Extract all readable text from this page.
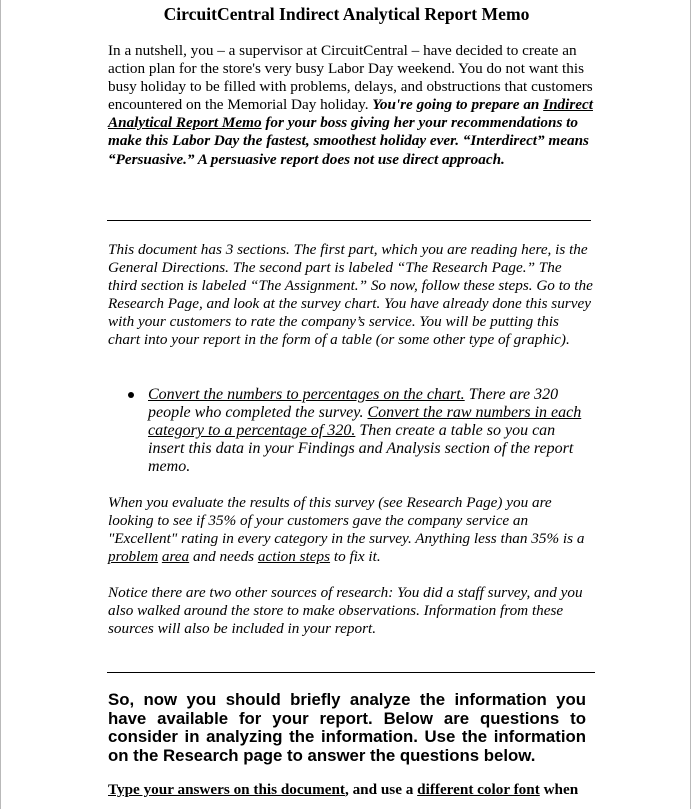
CircuitCentral Indirect Analytical Report Memo
In a nutshell, you – a supervisor at CircuitCentral – have decided to create an action plan for the store's very busy Labor Day weekend. You do not want this busy holiday to be filled with problems, delays, and obstructions that customers encountered on the Memorial Day holiday. You're going to prepare an Indirect Analytical Report Memo for your boss giving her your recommendations to make this Labor Day the fastest, smoothest holiday ever. “Interdirect” means “Persuasive.” A persuasive report does not use direct approach.
This document has 3 sections. The first part, which you are reading here, is the General Directions. The second part is labeled “The Research Page.” The third section is labeled “The Assignment.” So now, follow these steps. Go to the Research Page, and look at the survey chart. You have already done this survey with your customers to rate the company’s service. You will be putting this chart into your report in the form of a table (or some other type of graphic).
Convert the numbers to percentages on the chart. There are 320 people who completed the survey. Convert the raw numbers in each category to a percentage of 320. Then create a table so you can insert this data in your Findings and Analysis section of the report memo.
When you evaluate the results of this survey (see Research Page) you are looking to see if 35% of your customers gave the company service an "Excellent" rating in every category in the survey. Anything less than 35% is a problem area and needs action steps to fix it.
Notice there are two other sources of research: You did a staff survey, and you also walked around the store to make observations. Information from these sources will also be included in your report.
So, now you should briefly analyze the information you have available for your report. Below are questions to consider in analyzing the information. Use the information on the Research page to answer the questions below.
Type your answers on this document, and use a different color font when
